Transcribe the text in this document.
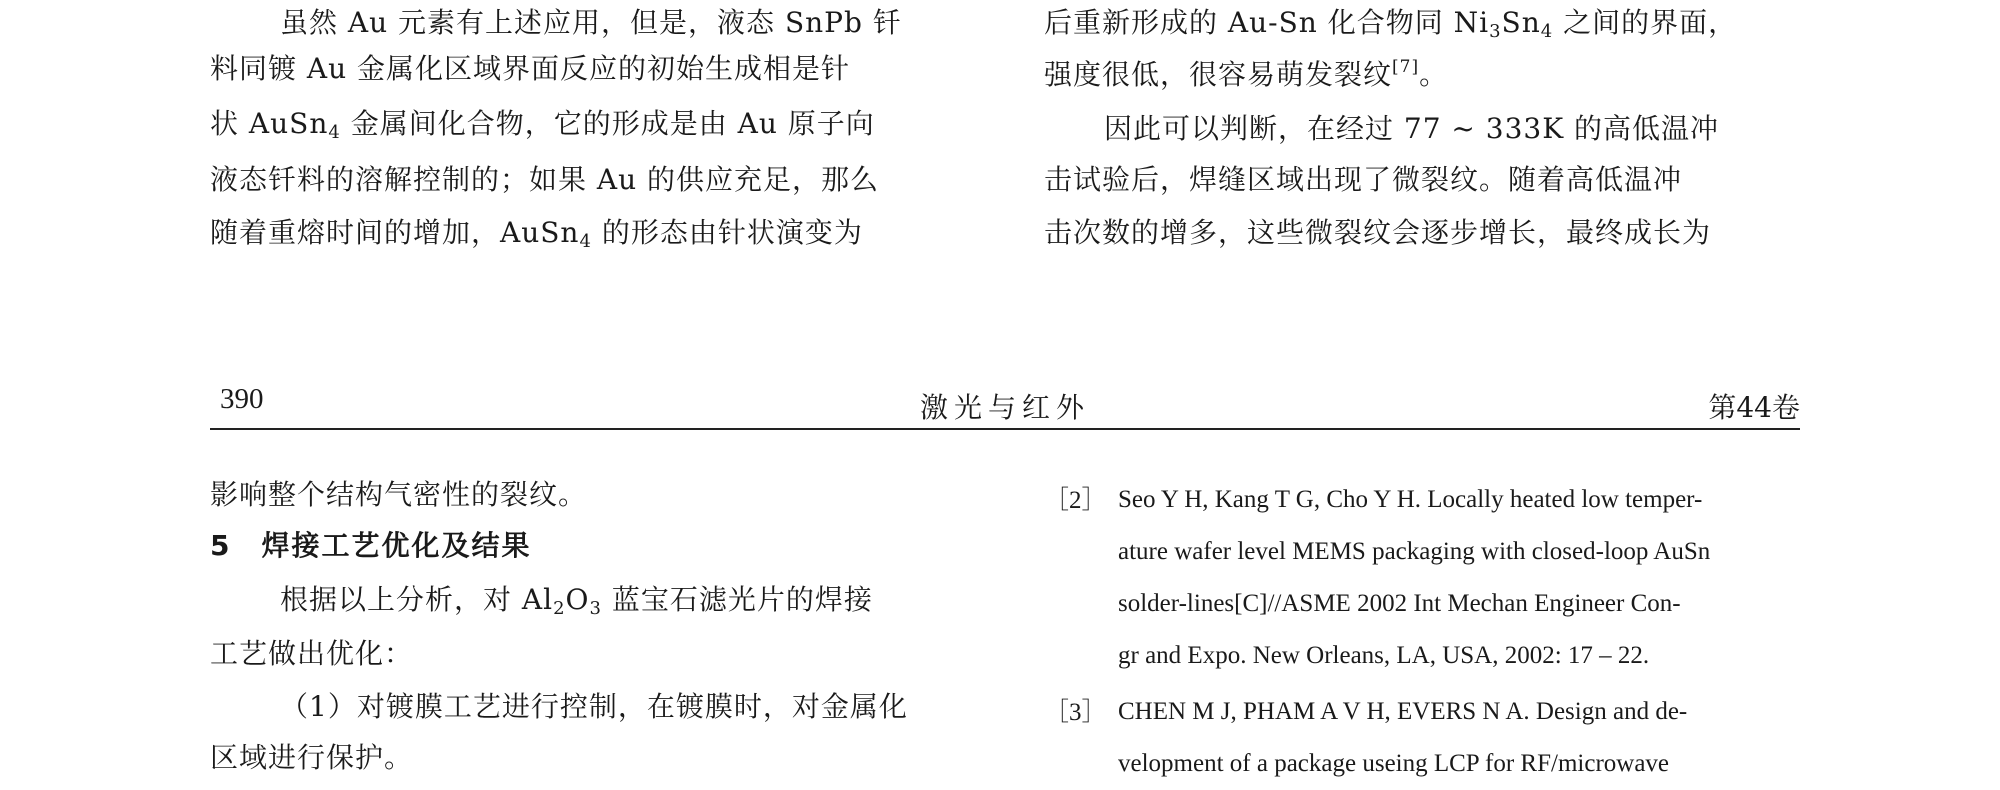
虽然 Au 元素有上述应用，但是，液态 SnPb 钎
料同镀 Au 金属化区域界面反应的初始生成相是针
状 AuSn$_4$ 金属间化合物，它的形成是由 Au 原子向
液态钎料的溶解控制的；如果 Au 的供应充足，那么
随着重熔时间的增加，AuSn$_4$ 的形态由针状演变为
后重新形成的 Au-Sn 化合物同 $Ni_3Sn_4$ 之间的界面，
强度很低，很容易萌发裂纹[7]。
因此可以判断，在经过 77 ~ 333K 的高低温冲
击试验后，焊缝区域出现了微裂纹。随着高低温冲
击次数的增多，这些微裂纹会逐步增长，最终成长为
390	激光与红外	第44卷
影响整个结构气密性的裂纹。
5　焊接工艺优化及结果
根据以上分析，对 $Al_2O_3$ 蓝宝石滤光片的焊接
工艺做出优化：
（1）对镀膜工艺进行控制，在镀膜时，对金属化
区域进行保护。
［2］ Seo Y H, Kang T G, Cho Y H. Locally heated low temper-
ature wafer level MEMS packaging with closed-loop AuSn
solder-lines[C]//ASME 2002 Int Mechan Engineer Con-
gr and Expo. New Orleans, LA, USA, 2002: 17 – 22.
［3］ CHEN M J, PHAM A V H, EVERS N A. Design and de-
velopment of a package useing LCP for RF/microwave
